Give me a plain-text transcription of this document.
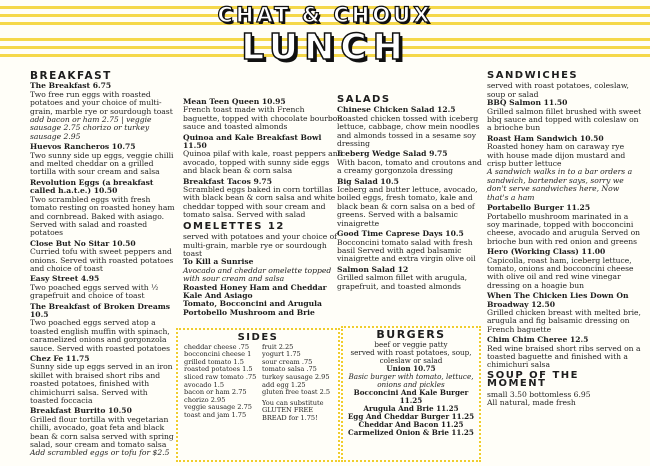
CHAT & CHOUX
LUNCH
BREAKFAST
The Breakfast 6.75
Two free run eggs with roasted potatoes and your choice of multi-grain, marble rye or sourdough toast
add bacon or ham 2.75 | veggie sausage 2.75 chorizo or turkey sausage 2.95
Huevos Rancheros 10.75
Two sunny side up eggs, veggie chilli and melted cheddar on a grilled tortilla with sour cream and salsa
Revolution Eggs (a breakfast called h.a.t.e.) 10.50
Two scrambled eggs with fresh tomato resting on roasted honey ham and cornbread. Baked with asiago. Served with salad and roasted potatoes
Close But No Sitar 10.50
Curried tofu with sweet peppers and onions. Served with roasted potatoes and choice of toast
Easy Street 4.95
Two poached eggs served with ½ grapefruit and choice of toast
The Breakfast of Broken Dreams 10.5
Two poached eggs served atop a toasted english muffin with spinach, caramelized onions and gorgonzola sauce. Served with roasted potatoes
Chez Fe 11.75
Sunny side up eggs served in an iron skillet with braised short ribs and roasted potatoes, finished with chimichurri salsa. Served with toasted foccacia
Breakfast Burrito 10.50
Grilled flour tortilla with vegetarian chilli, avocado, goat feta and black bean & corn salsa served with spring salad, sour cream and tomato salsa
Add scrambled eggs or tofu for $2.5
Mean Teen Queen 10.95
French toast made with French baguette, topped with chocolate bourbon sauce and toasted almonds
Quinoa and Kale Breakfast Bowl 11.50
Quinoa pilaf with kale, roast peppers and avocado, topped with sunny side eggs and black bean & corn salsa
Breakfast Tacos 9.75
Scrambled eggs baked in corn tortillas with black bean & corn salsa and white cheddar topped with sour cream and tomato salsa. Served with salad
OMELETTES 12
served with potatoes and your choice of multi-grain, marble rye or sourdough toast
To Kill a Sunrise
Avocado and cheddar omelette topped with sour cream and salsa
Roasted Honey Ham and Cheddar
Kale And Asiago
Tomato, Bocconcini and Arugula
Portobello Mushroom and Brie
SALADS
Chinese Chicken Salad 12.5
Roasted chicken tossed with iceberg lettuce, cabbage, chow mein noodles and almonds tossed in a sesame soy dressing
Iceberg Wedge Salad 9.75
With bacon, tomato and croutons and a creamy gorgonzola dressing
Big Salad 10.5
Iceberg and butter lettuce, avocado, boiled eggs, fresh tomato, kale and black bean & corn salsa on a bed of greens. Served with a balsamic vinaigrette
Good Time Caprese Days 10.5
Bocconcini tomato salad with fresh basil Served with aged balsamic vinaigrette and extra virgin olive oil
Salmon Salad 12
Grilled salmon fillet with arugula, grapefruit, and toasted almonds
SANDWICHES
served with roast potatoes, coleslaw, soup or salad
BBQ Salmon 11.50
Grilled salmon fillet brushed with sweet bbq sauce and topped with coleslaw on a brioche bun
Roast Ham Sandwich 10.50
Roasted honey ham on caraway rye with house made dijon mustard and crisp butter lettuce
A sandwich walks in to a bar orders a sandwich, bartender says, sorry we don't serve sandwiches here, Now that's a ham
Portabello Burger 11.25
Portabello mushroom marinated in a soy marinade, topped with bocconcini cheese, avocado and arugula Served on brioche bun with red onion and greens
Hero (Working Class) 11.00
Capicolla, roast ham, iceberg lettuce, tomato, onions and bocconcini cheese with olive oil and red wine vinegar dressing on a hoagie bun
When The Chicken Lies Down On Broadway 12.50
Grilled chicken breast with melted brie, arugula and fig balsamic dressing on French baguette
Chim Chim Cheree 12.5
Red wine braised short ribs served on a toasted baguette and finished with a chimichuri salsa
SOUP OF THE MOMENT
small 3.50 bottomless 6.95
All natural, made fresh
SIDES
cheddar cheese .75
bocconcini cheese 1
grilled tomato 1.5
roasted potatoes 1.5
sliced raw tomato .75
avocado 1.5
bacon or ham 2.75
chorizo 2.95
veggie sausage 2.75
toast and jam 1.75
fruit 2.25
yogurt 1.75
sour cream .75
tomato salsa .75
turkey sausage 2.95
add egg 1.25
gluten free toast 2.5
You can substitute GLUTEN FREE BREAD for 1.75!
BURGERS
beef or veggie patty
served with roast potatoes, soup, coleslaw or salad
Union 10.75
Basic burger with tomato, lettuce, onions and pickles
Bocconcini And Kale Burger 11.25
Arugula And Brie 11.25
Egg And Cheddar Burger 11.25
Cheddar And Bacon 11.25
Carmelized Onion & Brie 11.25
